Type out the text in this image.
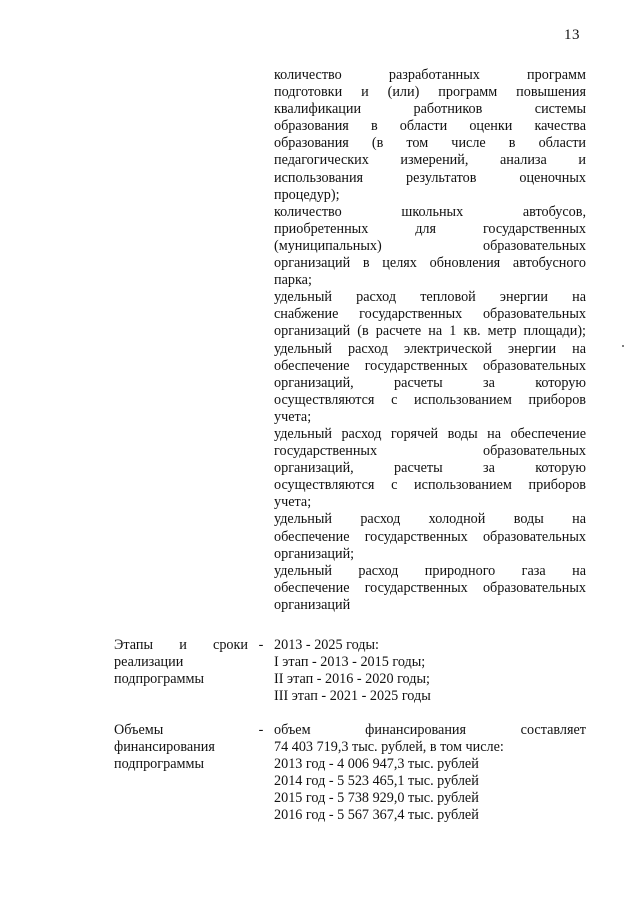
13
количество разработанных программ
подготовки и (или) программ повышения
квалификации работников системы
образования в области оценки качества
образования (в том числе в области
педагогических измерений, анализа и
использования результатов оценочных
процедур);
количество школьных автобусов,
приобретенных для государственных
(муниципальных) образовательных
организаций в целях обновления автобусного
парка;
удельный расход тепловой энергии на
снабжение государственных образовательных
организаций (в расчете на 1 кв. метр площади);
удельный расход электрической энергии на
обеспечение государственных образовательных
организаций, расчеты за которую
осуществляются с использованием приборов
учета;
удельный расход горячей воды на обеспечение
государственных образовательных
организаций, расчеты за которую
осуществляются с использованием приборов
учета;
удельный расход холодной воды на
обеспечение государственных образовательных
организаций;
удельный расход природного газа на
обеспечение государственных образовательных
организаций
Этапы и сроки
реализации
подпрограммы
- 2013 - 2025 годы:
I этап - 2013 - 2015 годы;
II этап - 2016 - 2020 годы;
III этап - 2021 - 2025 годы
Объемы
финансирования
подпрограммы
- объем финансирования составляет
74 403 719,3 тыс. рублей, в том числе:
2013 год - 4 006 947,3 тыс. рублей
2014 год - 5 523 465,1 тыс. рублей
2015 год - 5 738 929,0 тыс. рублей
2016 год - 5 567 367,4 тыс. рублей
